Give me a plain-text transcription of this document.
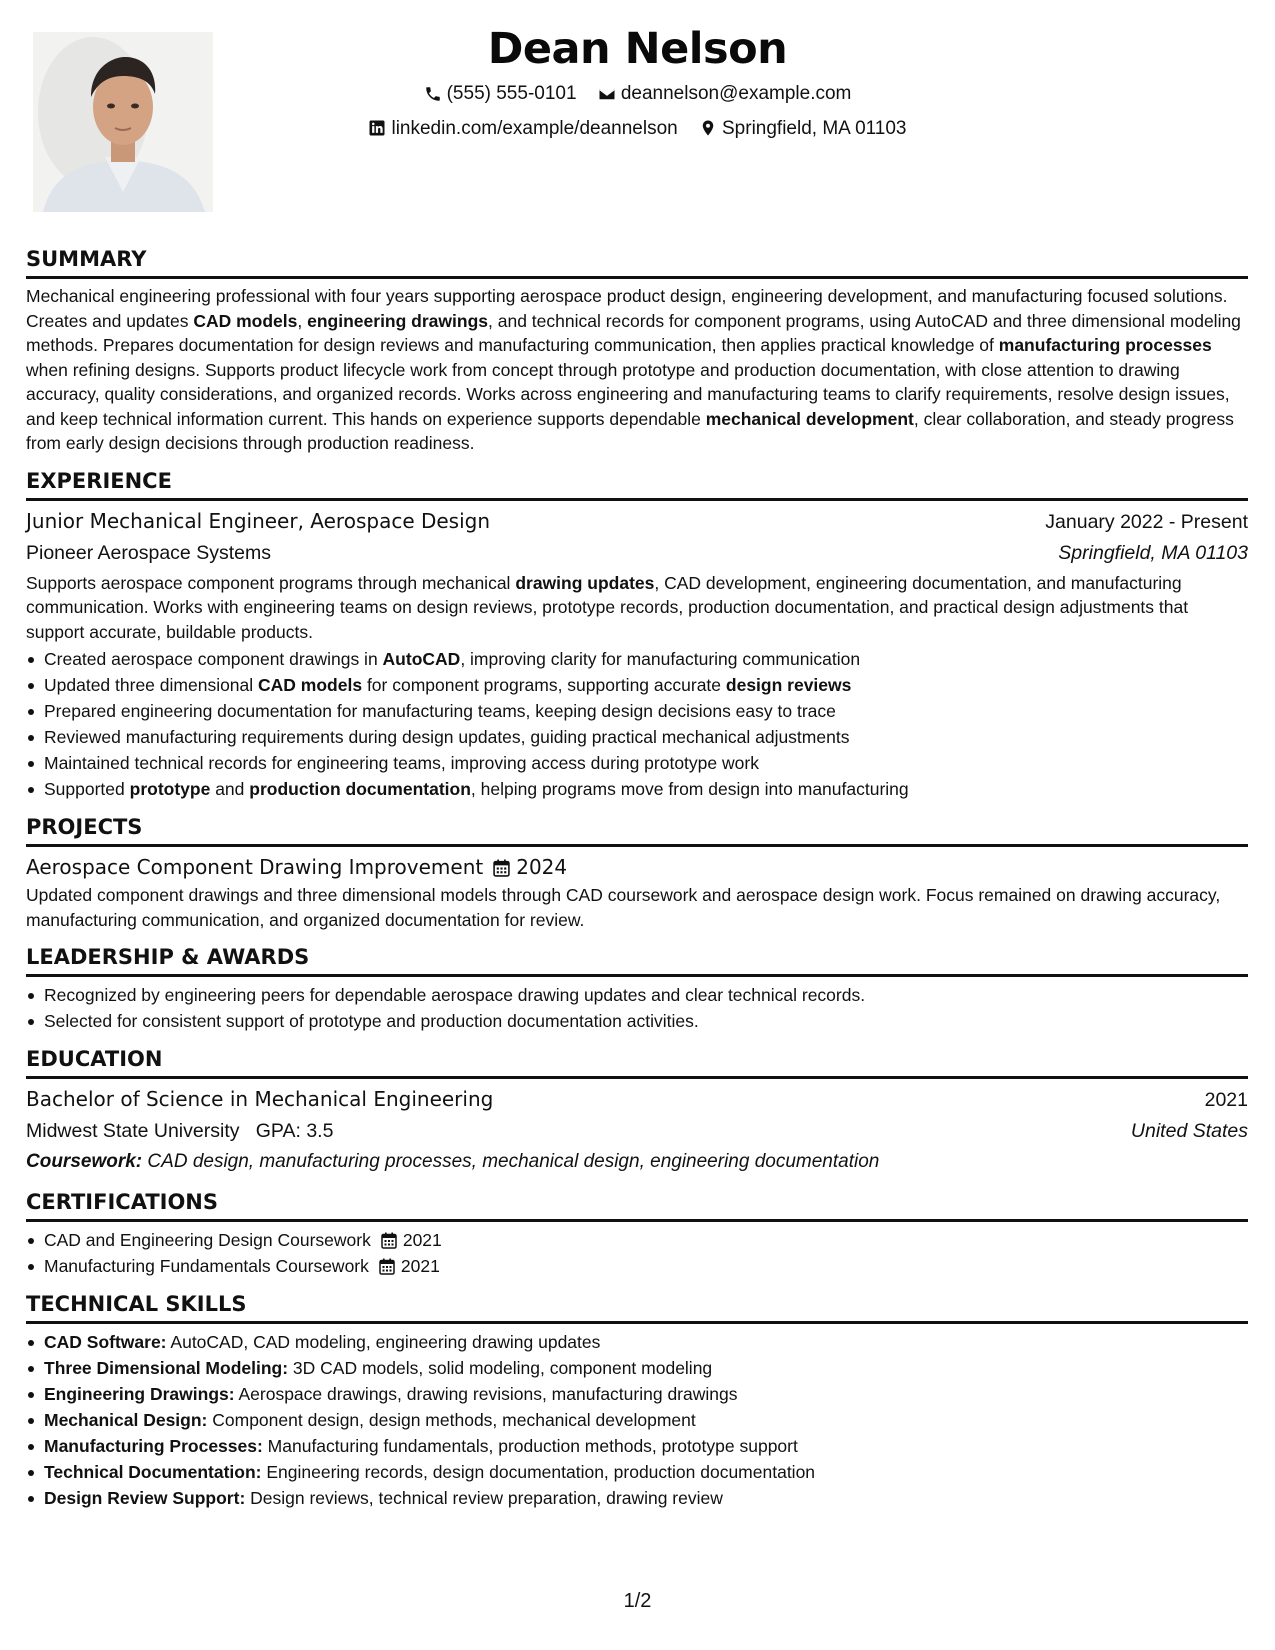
Dean Nelson
(555) 555-0101
deannelson@example.com
linkedin.com/example/deannelson
Springfield, MA 01103
SUMMARY
Mechanical engineering professional with four years supporting aerospace product design, engineering development, and manufacturing focused solutions. Creates and updates CAD models, engineering drawings, and technical records for component programs, using AutoCAD and three dimensional modeling methods. Prepares documentation for design reviews and manufacturing communication, then applies practical knowledge of manufacturing processes when refining designs. Supports product lifecycle work from concept through prototype and production documentation, with close attention to drawing accuracy, quality considerations, and organized records. Works across engineering and manufacturing teams to clarify requirements, resolve design issues, and keep technical information current. This hands on experience supports dependable mechanical development, clear collaboration, and steady progress from early design decisions through production readiness.
EXPERIENCE
Junior Mechanical Engineer, Aerospace Design	January 2022 - Present
Pioneer Aerospace Systems	Springfield, MA 01103
Supports aerospace component programs through mechanical drawing updates, CAD development, engineering documentation, and manufacturing communication. Works with engineering teams on design reviews, prototype records, production documentation, and practical design adjustments that support accurate, buildable products.
Created aerospace component drawings in AutoCAD, improving clarity for manufacturing communication
Updated three dimensional CAD models for component programs, supporting accurate design reviews
Prepared engineering documentation for manufacturing teams, keeping design decisions easy to trace
Reviewed manufacturing requirements during design updates, guiding practical mechanical adjustments
Maintained technical records for engineering teams, improving access during prototype work
Supported prototype and production documentation, helping programs move from design into manufacturing
PROJECTS
Aerospace Component Drawing Improvement 2024
Updated component drawings and three dimensional models through CAD coursework and aerospace design work. Focus remained on drawing accuracy, manufacturing communication, and organized documentation for review.
LEADERSHIP & AWARDS
Recognized by engineering peers for dependable aerospace drawing updates and clear technical records.
Selected for consistent support of prototype and production documentation activities.
EDUCATION
Bachelor of Science in Mechanical Engineering	2021
Midwest State University GPA: 3.5	United States
Coursework: CAD design, manufacturing processes, mechanical design, engineering documentation
CERTIFICATIONS
CAD and Engineering Design Coursework 2021
Manufacturing Fundamentals Coursework 2021
TECHNICAL SKILLS
CAD Software: AutoCAD, CAD modeling, engineering drawing updates
Three Dimensional Modeling: 3D CAD models, solid modeling, component modeling
Engineering Drawings: Aerospace drawings, drawing revisions, manufacturing drawings
Mechanical Design: Component design, design methods, mechanical development
Manufacturing Processes: Manufacturing fundamentals, production methods, prototype support
Technical Documentation: Engineering records, design documentation, production documentation
Design Review Support: Design reviews, technical review preparation, drawing review
1/2
